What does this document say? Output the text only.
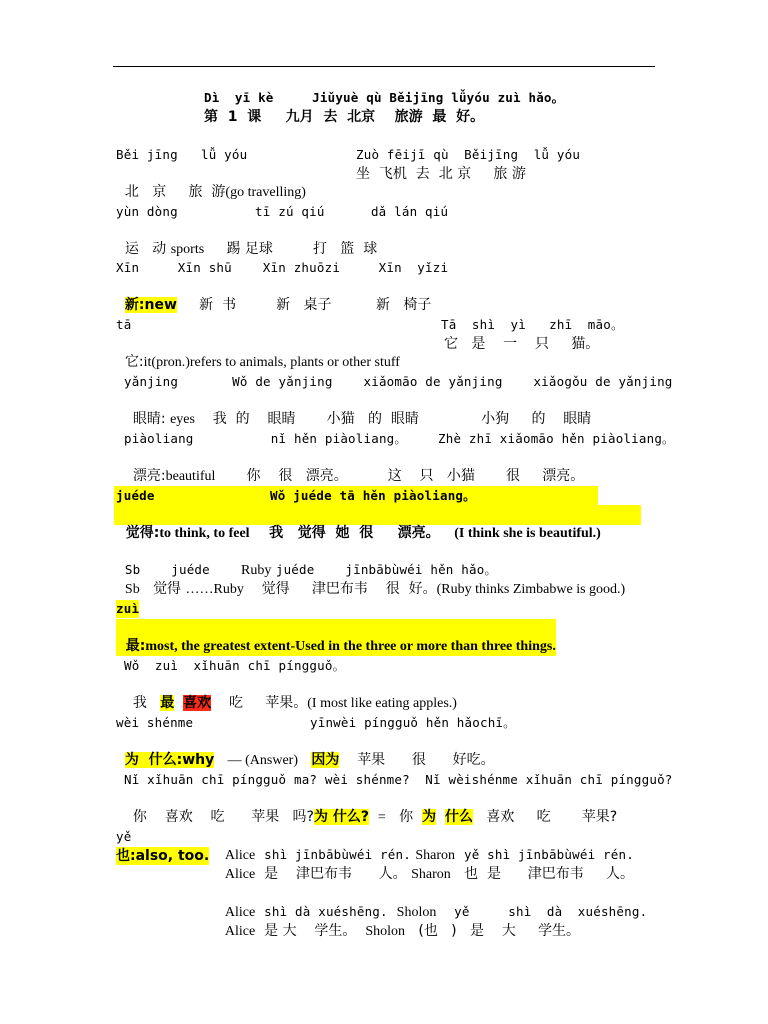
Dì  yī kè     Jiǔyuè qù Běijīng lǚyóu zuì hǎo。
第  1  课     九月  去  北京    旅游  最  好。
Běi jīng   lǚ yóu	Zuò fēijī qù  Běijīng  lǚ yóu

北   京     旅  游(go travelling)

坐  飞机  去  北 京     旅 游
yùn dòng          tī zú qiú      dǎ lán qiú

运   动 sports 踢 足球         打   篮  球

Xīn     Xīn shū    Xīn zhuōzi     Xīn  yǐzi

新:new 新  书         新   桌子          新   椅子

tā	Tā  shì  yì   zhī  māo。

它:it(pron.)refers to animals, plants or other stuff

它   是    一    只     猫。
yǎnjing       Wǒ de yǎnjing    xiǎomāo de yǎnjing    xiǎogǒu de yǎnjing

眼睛: eyes 我  的    眼睛       小猫   的  眼睛              小狗     的    眼睛

piàoliang          nǐ hěn piàoliang。    Zhè zhī xiǎomāo hěn piàoliang。

漂亮:beautiful 你    很   漂亮。         这    只   小猫       很     漂亮。

juéde	Wǒ juéde tā hěn piàoliang。

觉得:to think, to feel 我   觉得  她  很     漂亮。 (I think she is beautiful.)

Sb    juéde Ruby juéde    jīnbābùwéi hěn hǎo。

Sb 觉得 ……Ruby 觉得     津巴布韦    很  好。(Ruby thinks Zimbabwe is good.)

zuì

最:most, the greatest extent-Used in the three or more than three things.

Wǒ  zuì  xǐhuān chī píngguǒ。

我 最 喜欢 吃     苹果。(I most like eating apples.)

wèi shénme	yīnwèi píngguǒ hěn hǎochī。

为  什么:why — (Answer) 因为 苹果      很      好吃。

Nǐ xǐhuān chī píngguǒ ma? wèi shénme?  Nǐ wèishénme xǐhuān chī píngguǒ?

你    喜欢    吃      苹果   吗?为 什么? = 你 为 什么 喜欢     吃       苹果?

yě

Alice shì jīnbābùwéi rén. Sharon yě shì jīnbābùwéi rén.

也:also, too.

Alice 是    津巴布韦      人。 Sharon 也  是      津巴布韦     人。

Alice shì dà xuéshēng. Sholon yě     shì  dà  xuéshēng.

Alice 是 大    学生。 Sholon (也   )   是    大     学生。
